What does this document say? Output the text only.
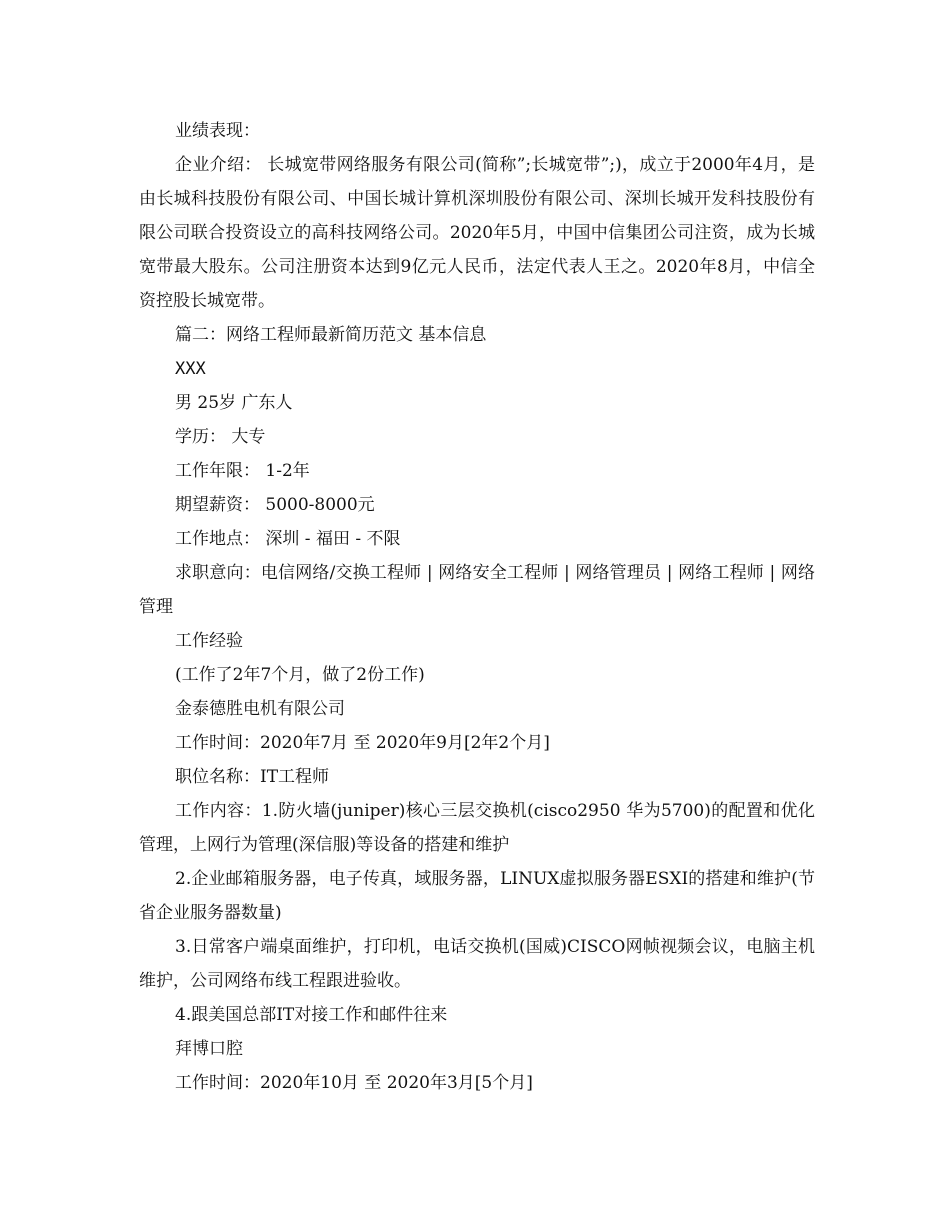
业绩表现：

企业介绍： 长城宽带网络服务有限公司(简称”;长城宽带”;)，成立于2000年4月，是由长城科技股份有限公司、中国长城计算机深圳股份有限公司、深圳长城开发科技股份有限公司联合投资设立的高科技网络公司。2020年5月，中国中信集团公司注资，成为长城宽带最大股东。公司注册资本达到9亿元人民币，法定代表人王之。2020年8月，中信全资控股长城宽带。

篇二：网络工程师最新简历范文 基本信息

XXX

男 25岁 广东人

学历： 大专

工作年限： 1-2年

期望薪资： 5000-8000元

工作地点： 深圳 - 福田 - 不限

求职意向：电信网络/交换工程师 | 网络安全工程师 | 网络管理员 | 网络工程师 | 网络管理

工作经验

(工作了2年7个月，做了2份工作)

金泰德胜电机有限公司

工作时间：2020年7月 至 2020年9月[2年2个月]

职位名称：IT工程师

工作内容：1.防火墙(juniper)核心三层交换机(cisco2950 华为5700)的配置和优化管理，上网行为管理(深信服)等设备的搭建和维护

2.企业邮箱服务器，电子传真，域服务器，LINUX虚拟服务器ESXI的搭建和维护(节省企业服务器数量)

3.日常客户端桌面维护，打印机，电话交换机(国威)CISCO网帧视频会议，电脑主机维护，公司网络布线工程跟进验收。

4.跟美国总部IT对接工作和邮件往来

拜博口腔

工作时间：2020年10月 至 2020年3月[5个月]
